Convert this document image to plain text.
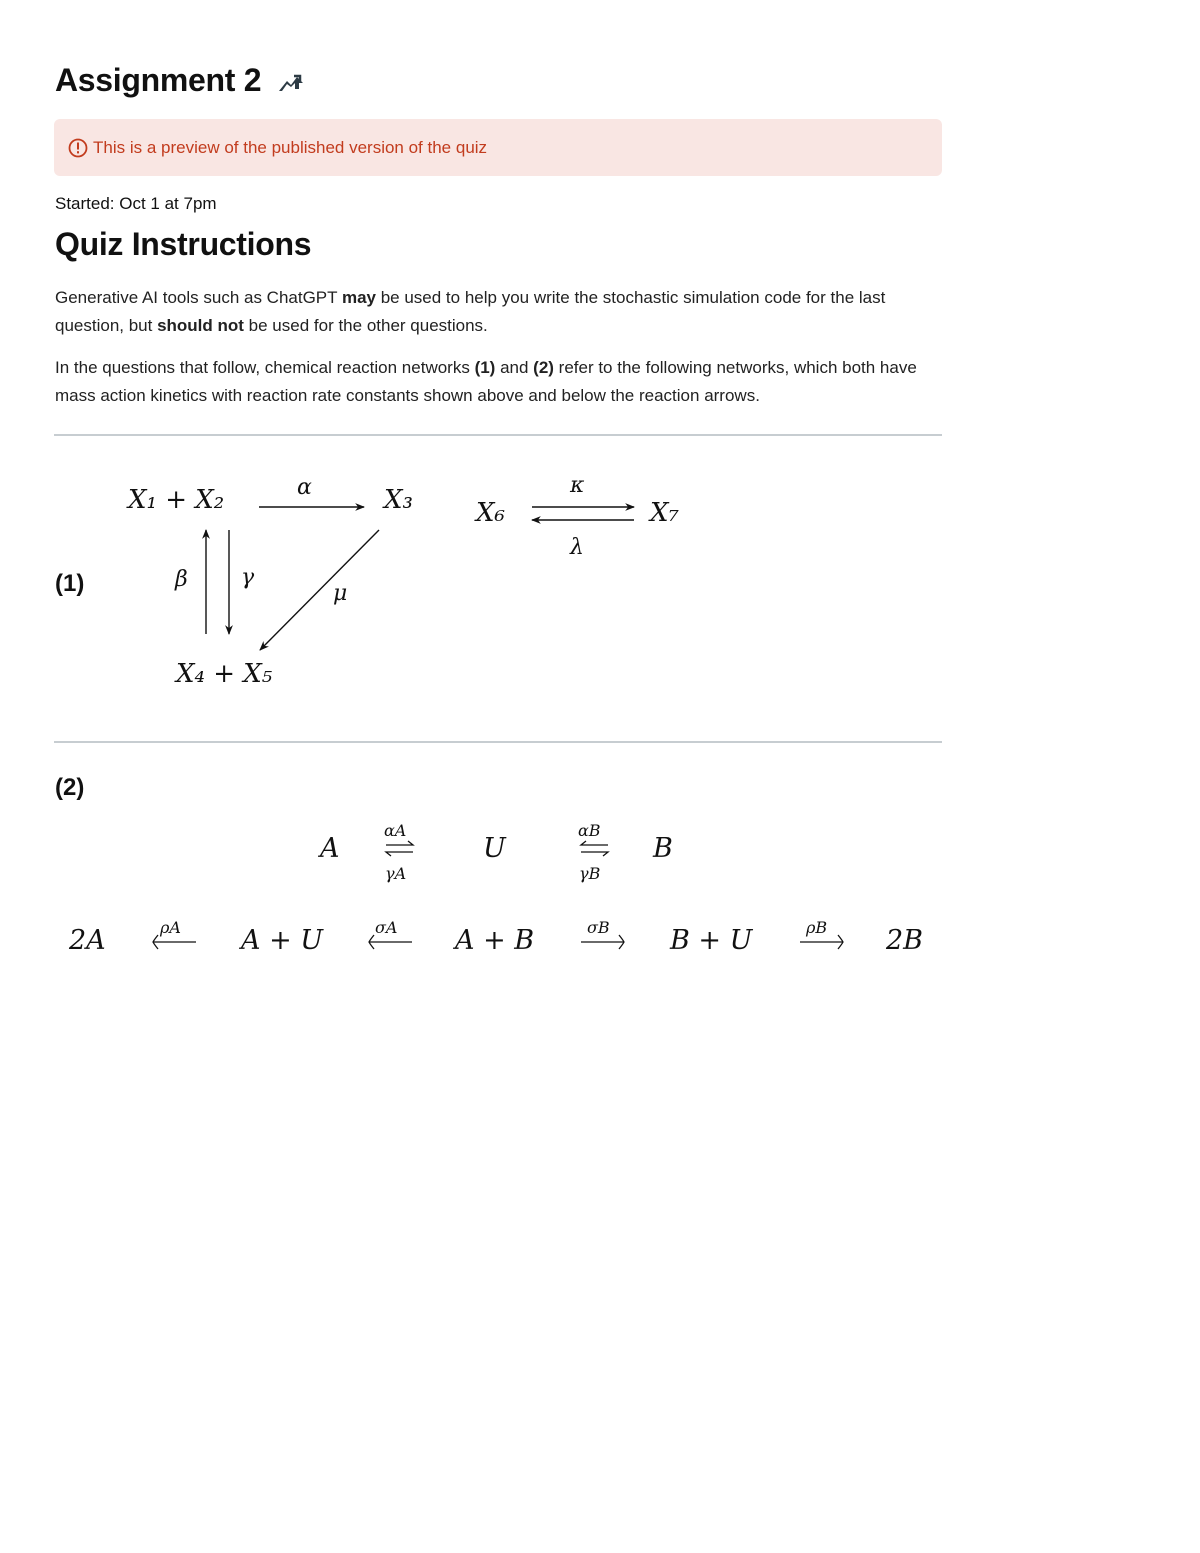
Assignment 2
This is a preview of the published version of the quiz
Started: Oct 1 at 7pm
Quiz Instructions

Generative AI tools such as ChatGPT may be used to help you write the stochastic simulation code for the last question, but should not be used for the other questions.

In the questions that follow, chemical reaction networks (1) and (2) refer to the following networks, which both have mass action kinetics with reaction rate constants shown above and below the reaction arrows.

(1)
X₁ + X₂	α	X₃
β γ
μ
X₄ + X₅
X₆
κ
λ
X₇
A
αA
γA
U
αB
γB
B
2A	ρA A + U	σA A + B	σB B + U	ρB 2B
(2)
